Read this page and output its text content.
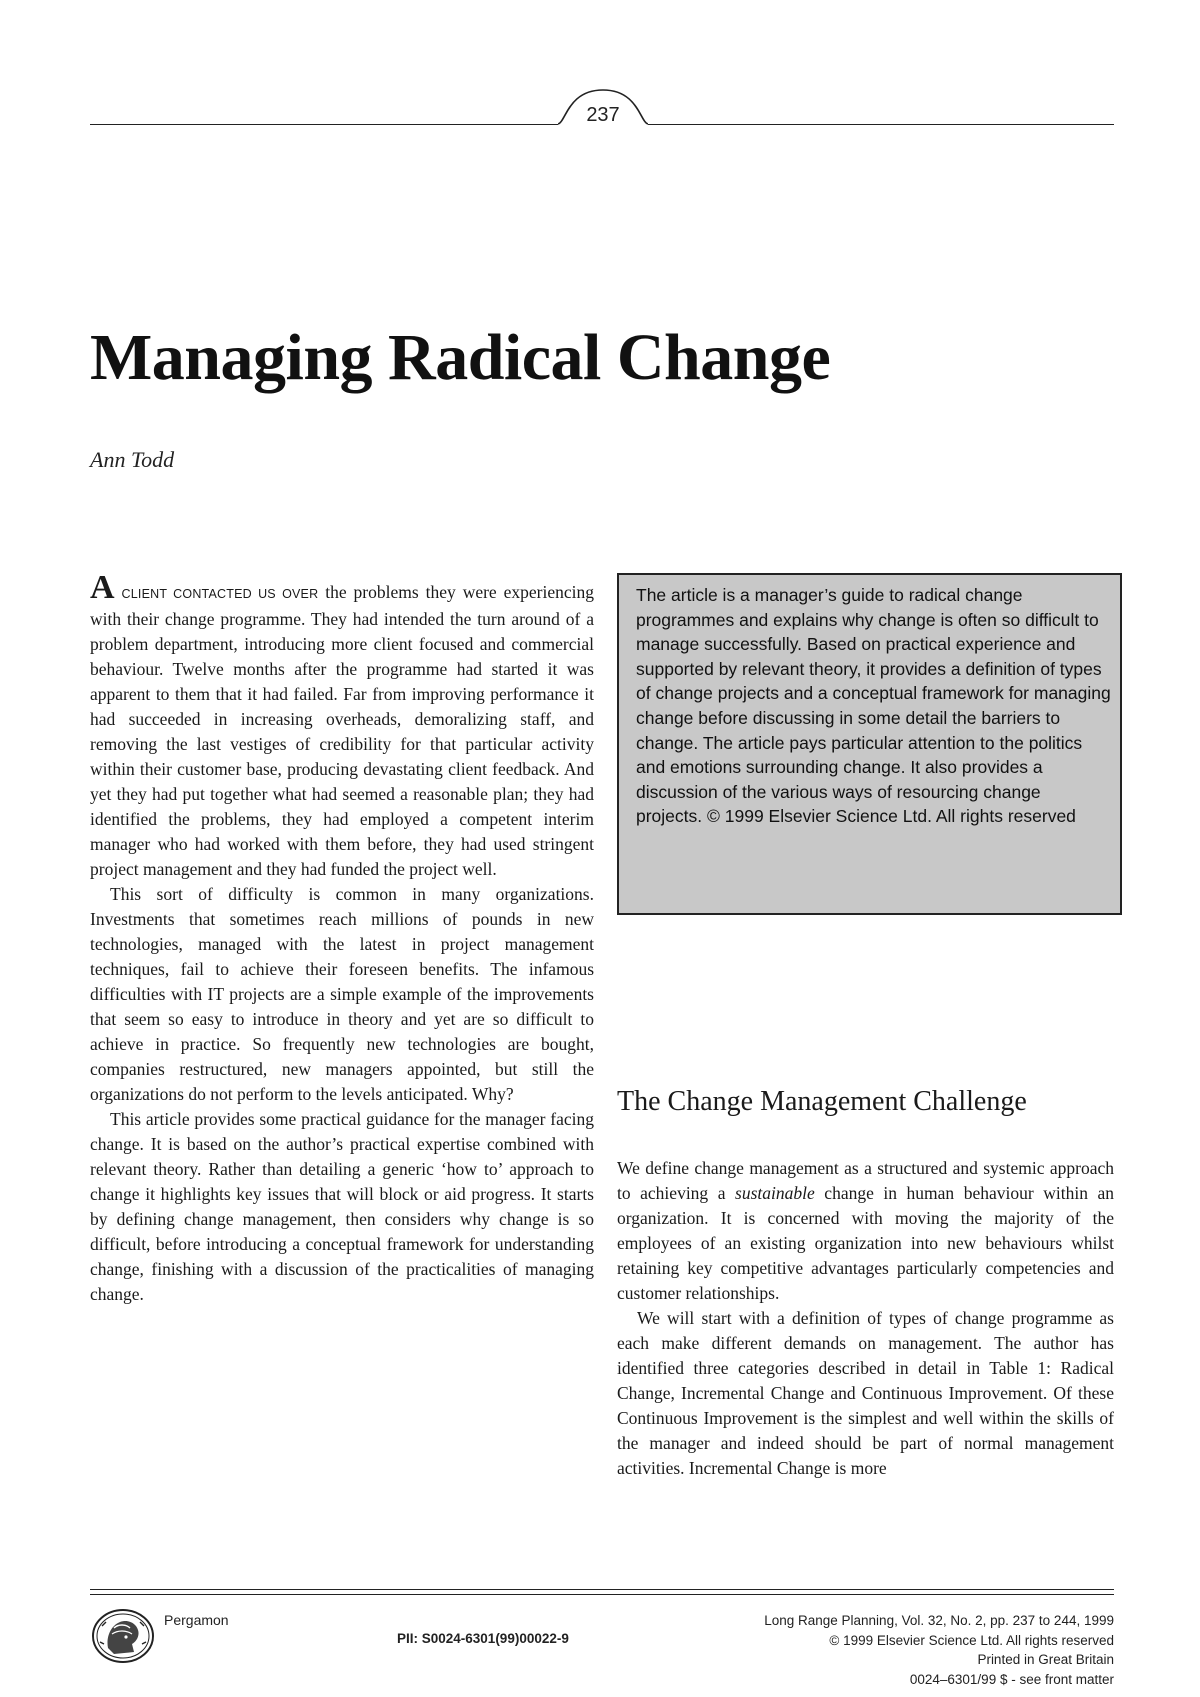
237
Managing Radical Change

Ann Todd

A CLIENT CONTACTED US OVER the problems they were experiencing with their change programme. They had intended the turn around of a problem department, introducing more client focused and commercial behaviour. Twelve months after the programme had started it was apparent to them that it had failed. Far from improving performance it had succeeded in increasing overheads, demoralizing staff, and removing the last vestiges of credibility for that particular activity within their customer base, producing devastating client feedback. And yet they had put together what had seemed a reasonable plan; they had identified the problems, they had employed a competent interim manager who had worked with them before, they had used stringent project management and they had funded the project well.

This sort of difficulty is common in many organizations. Investments that sometimes reach millions of pounds in new technologies, managed with the latest in project management techniques, fail to achieve their foreseen benefits. The infamous difficulties with IT projects are a simple example of the improvements that seem so easy to introduce in theory and yet are so difficult to achieve in practice. So frequently new technologies are bought, companies restructured, new managers appointed, but still the organizations do not perform to the levels anticipated. Why?

This article provides some practical guidance for the manager facing change. It is based on the author’s practical expertise combined with relevant theory. Rather than detailing a generic ‘how to’ approach to change it highlights key issues that will block or aid progress. It starts by defining change management, then considers why change is so difficult, before introducing a conceptual framework for understanding change, finishing with a discussion of the practicalities of managing change.

The article is a manager’s guide to radical change programmes and explains why change is often so difficult to manage successfully. Based on practical experience and supported by relevant theory, it provides a definition of types of change projects and a conceptual framework for managing change before discussing in some detail the barriers to change. The article pays particular attention to the politics and emotions surrounding change. It also provides a discussion of the various ways of resourcing change projects. © 1999 Elsevier Science Ltd. All rights reserved

The Change Management Challenge

We define change management as a structured and systemic approach to achieving a sustainable change in human behaviour within an organization. It is concerned with moving the majority of the employees of an existing organization into new behaviours whilst retaining key competitive advantages particularly competencies and customer relationships.

We will start with a definition of types of change programme as each make different demands on management. The author has identified three categories described in detail in Table 1: Radical Change, Incremental Change and Continuous Improvement. Of these Continuous Improvement is the simplest and well within the skills of the manager and indeed should be part of normal management activities. Incremental Change is more

Pergamon
PII: S0024-6301(99)00022-9
Long Range Planning, Vol. 32, No. 2, pp. 237 to 244, 1999
© 1999 Elsevier Science Ltd. All rights reserved
Printed in Great Britain
0024–6301/99 $ - see front matter
